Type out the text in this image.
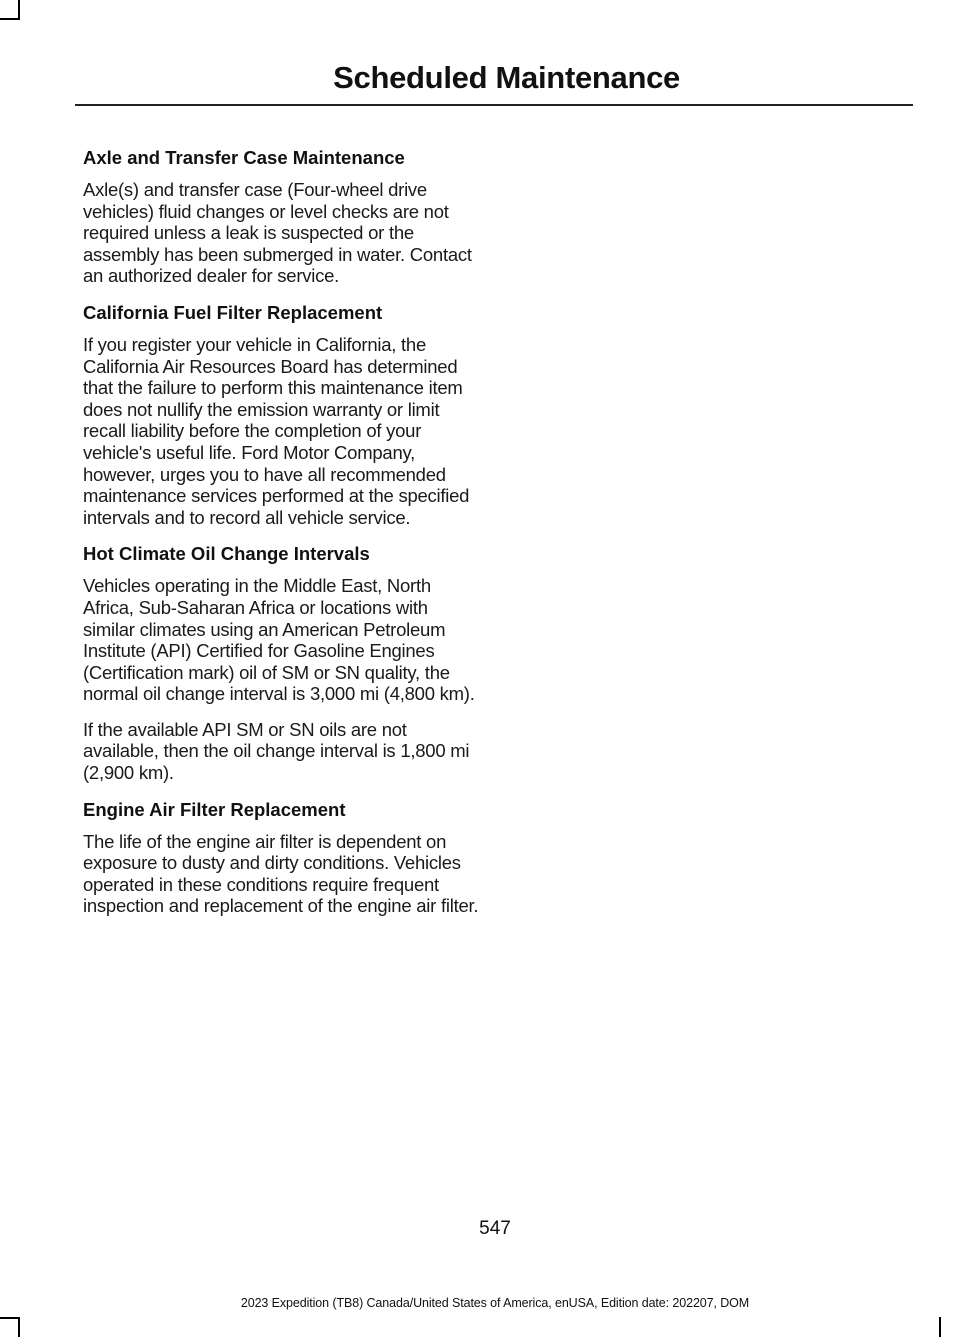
Scheduled Maintenance
Axle and Transfer Case Maintenance

Axle(s) and transfer case (Four-wheel drive vehicles) fluid changes or level checks are not required unless a leak is suspected or the assembly has been submerged in water. Contact an authorized dealer for service.

California Fuel Filter Replacement

If you register your vehicle in California, the California Air Resources Board has determined that the failure to perform this maintenance item does not nullify the emission warranty or limit recall liability before the completion of your vehicle's useful life. Ford Motor Company, however, urges you to have all recommended maintenance services performed at the specified intervals and to record all vehicle service.

Hot Climate Oil Change Intervals

Vehicles operating in the Middle East, North Africa, Sub-Saharan Africa or locations with similar climates using an American Petroleum Institute (API) Certified for Gasoline Engines (Certification mark) oil of SM or SN quality, the normal oil change interval is 3,000 mi (4,800 km).

If the available API SM or SN oils are not available, then the oil change interval is 1,800 mi (2,900 km).

Engine Air Filter Replacement

The life of the engine air filter is dependent on exposure to dusty and dirty conditions. Vehicles operated in these conditions require frequent inspection and replacement of the engine air filter.

547
2023 Expedition (TB8) Canada/United States of America, enUSA, Edition date: 202207, DOM
